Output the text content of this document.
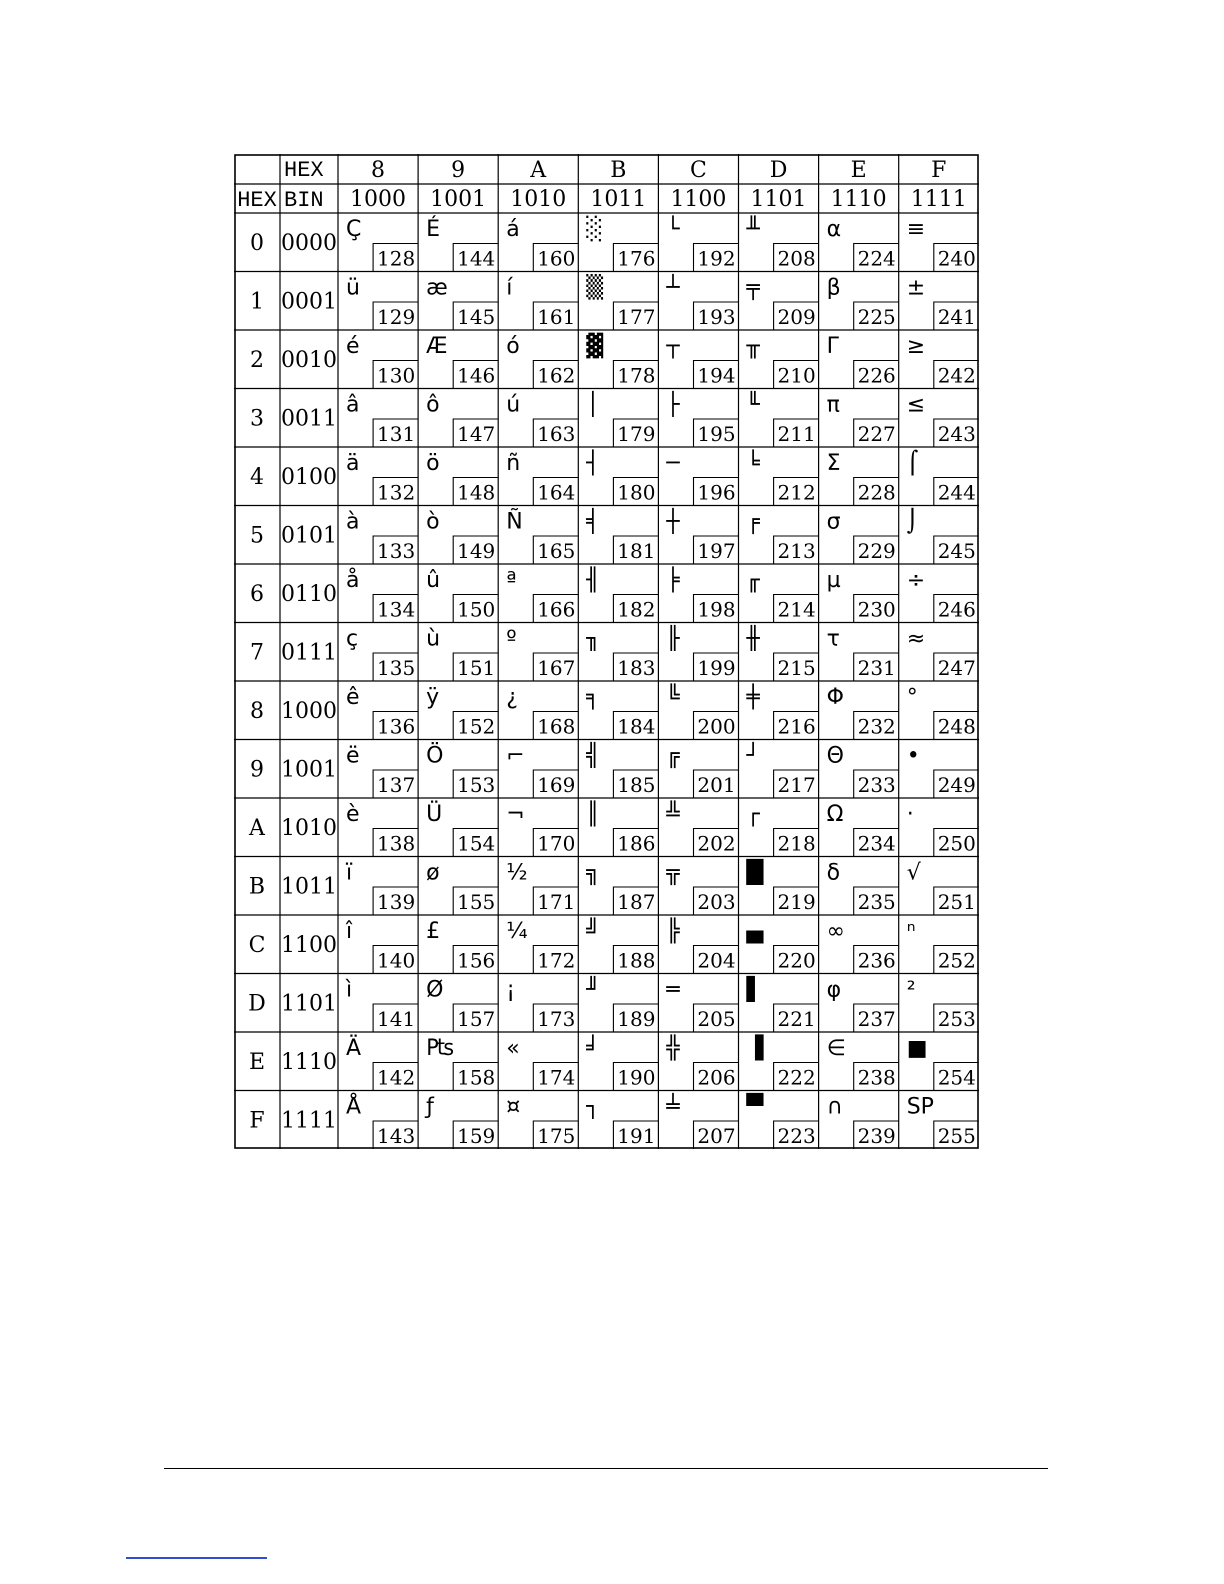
HEX
BIN
HEX
8
1000
9
1001
A
1010
B
1011
C
1100
D
1101
E
1110
F
1111
0 0000
Ç
128
É
144
á
160
░
176
└
192
╨
208
α
224
≡
240
1 0001
ü
129
æ
145
í
161
▒
177
┴
193
╤
209
β
225
±
241
2 0010
é
130
Æ
146
ó
162
▓
178
┬
194
╥
210
Γ
226
≥
242
3 0011
â
131
ô
147
ú
163
│
179
├
195
╙
211
π
227
≤
243
4 0100
ä
132
ö
148
ñ
164
┤
180
─
196
╘
212
Σ
228
⌠
244
5 0101
à
133
ò
149
Ñ
165
╡
181
┼
197
╒
213
σ
229
⌡
245
6 0110
å
134
û
150
ª
166
╢
182
╞
198
╓
214
µ
230
÷
246
7 0111
ç
135
ù
151
º
167
╖
183
╟
199
╫
215
τ
231
≈
247
8 1000
ê
136
ÿ
152
¿
168
╕
184
╚
200
╪
216
Φ
232
°
248
9 1001
ë
137
Ö
153
⌐
169
╣
185
╔
201
┘
217
Θ
233
•
249
A 1010
è
138
Ü
154
¬
170
║
186
╩
202
┌
218
Ω
234
·
250
B 1011
ï
139
ø
155
½
171
╗
187
╦
203
█
219
δ
235
√
251
C 1100
î
140
£
156
¼
172
╝
188
╠
204
▄
220
∞
236
ⁿ
252
D 1101
ì
141
Ø
157
¡
173
╜
189
═
205
▌
221
φ
237
²
253
E 1110
Ä
142
₧
158
«
174
╛
190
╬
206
▐
222
∈
238
■
254
F 1111
Å
143
ƒ
159
¤
175
┐
191
╧
207
▀
223
∩
239
SP
255
